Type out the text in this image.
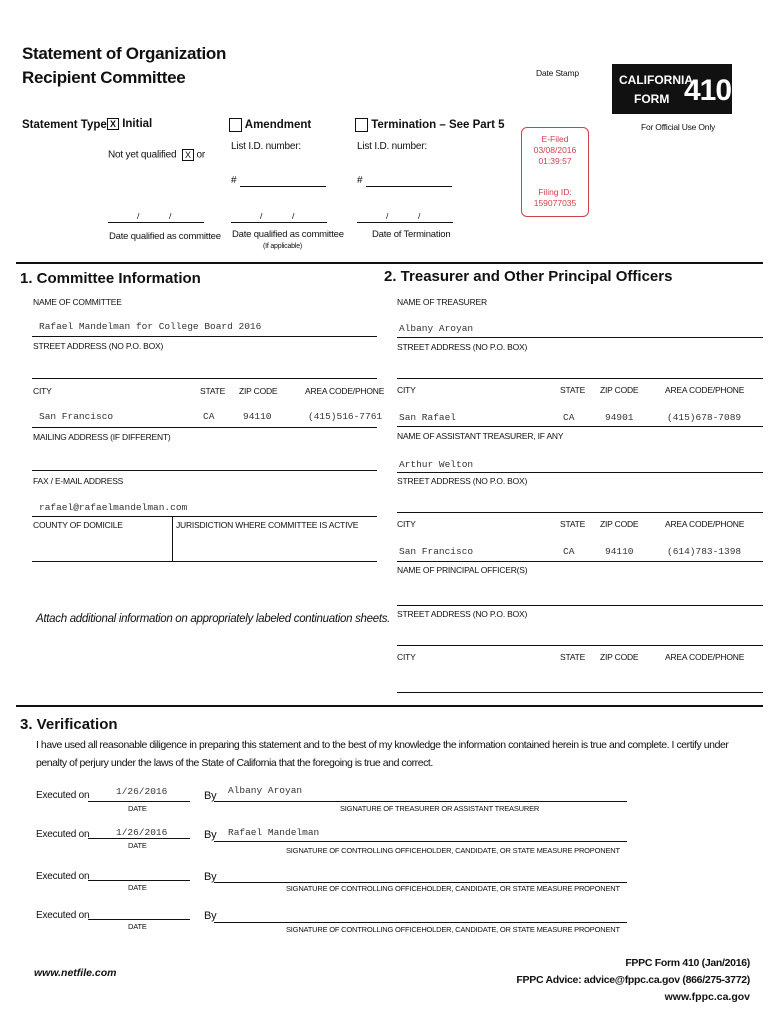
Statement of Organization
Recipient Committee	Date Stamp	CALIFORNIA
FORM 410
For Official Use Only
E-Filed
03/08/2016
01:39:57
Filing ID:
159077035
Statement Type X Initial
Not yet qualified X or
Amendment
List I.D. number:
Termination – See Part 5
List I.D. number:
#	#
/	/
Date qualified as committee
/	/
Date qualified as committee
(If applicable)
/	/
Date of Termination
1. Committee Information
NAME OF COMMITTEE
Rafael Mandelman for College Board 2016
STREET ADDRESS (NO P.O. BOX)
CITY	STATE ZIP CODE	AREA CODE/PHONE
San Francisco	CA	94110	(415)516-7761
MAILING ADDRESS (IF DIFFERENT)
FAX / E-MAIL ADDRESS
rafael@rafaelmandelman.com
COUNTY OF DOMICILE	JURISDICTION WHERE COMMITTEE IS ACTIVE
Attach additional information on appropriately labeled continuation sheets.
2. Treasurer and Other Principal Officers
NAME OF TREASURER
Albany Aroyan
STREET ADDRESS (NO P.O. BOX)
CITY	STATE ZIP CODE	AREA CODE/PHONE
San Rafael	CA	94901	(415)678-7089
NAME OF ASSISTANT TREASURER, IF ANY
Arthur Welton
STREET ADDRESS (NO P.O. BOX)
CITY	STATE ZIP CODE	AREA CODE/PHONE
San Francisco	CA	94110	(614)783-1398
NAME OF PRINCIPAL OFFICER(S)
STREET ADDRESS (NO P.O. BOX)
CITY	STATE ZIP CODE	AREA CODE/PHONE
3. Verification
I have used all reasonable diligence in preparing this statement and to the best of my knowledge the information contained herein is true and complete. I certify under
penalty of perjury under the laws of the State of California that the foregoing is true and correct.
Executed on	1/26/2016
DATE
By Albany Aroyan
SIGNATURE OF TREASURER OR ASSISTANT TREASURER
Executed on	1/26/2016
DATE
By Rafael Mandelman
SIGNATURE OF CONTROLLING OFFICEHOLDER, CANDIDATE, OR STATE MEASURE PROPONENT
Executed on
DATE
By
SIGNATURE OF CONTROLLING OFFICEHOLDER, CANDIDATE, OR STATE MEASURE PROPONENT
Executed on
DATE
By
SIGNATURE OF CONTROLLING OFFICEHOLDER, CANDIDATE, OR STATE MEASURE PROPONENT
www.netfile.com
FPPC Form 410 (Jan/2016)
FPPC Advice: advice@fppc.ca.gov (866/275-3772)
www.fppc.ca.gov
